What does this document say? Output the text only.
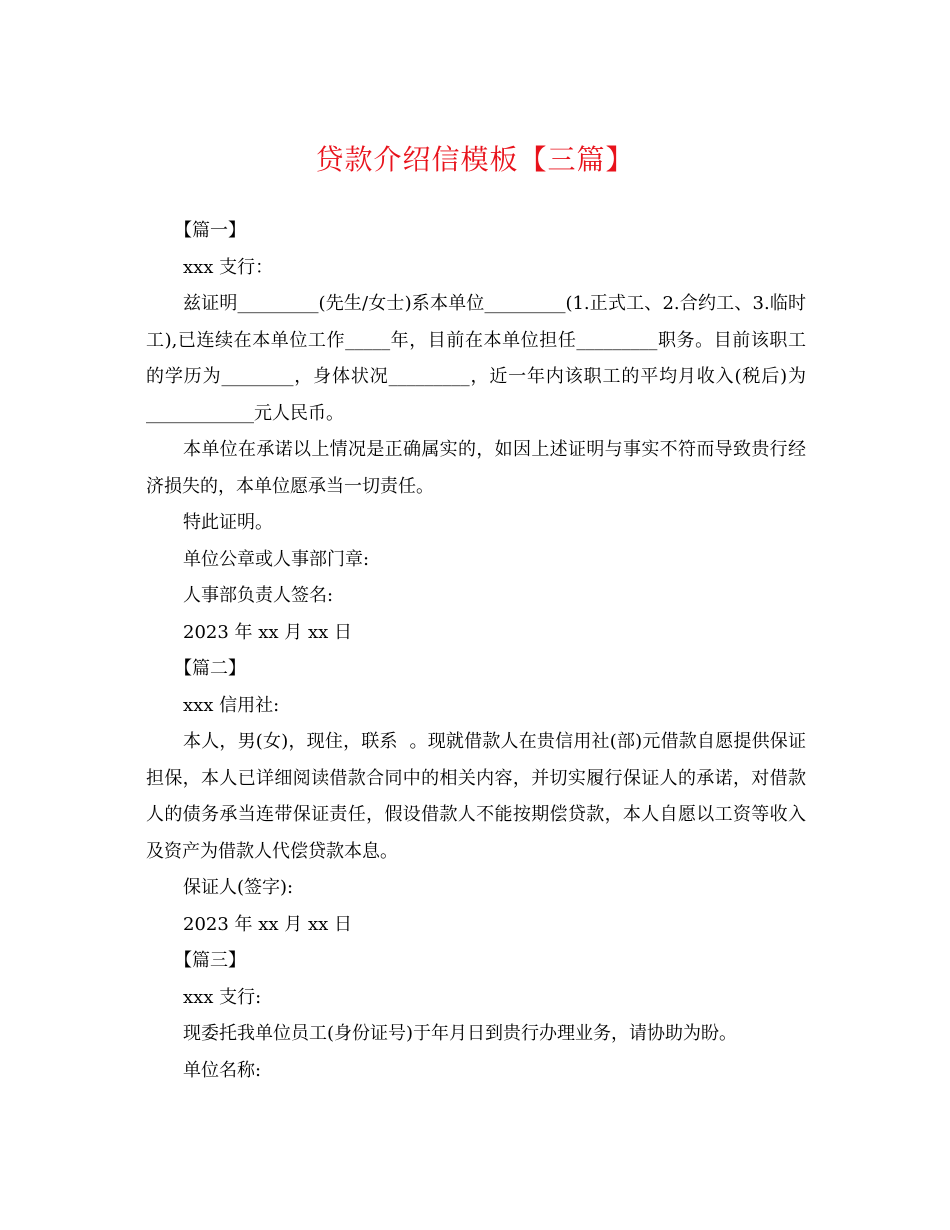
贷款介绍信模板【三篇】

【篇一】

xxx 支行：

兹证明_________(先生/女士)系本单位_________(1.正式工、2.合约工、3.临时工),已连续在本单位工作_____年，目前在本单位担任_________职务。目前该职工的学历为________，身体状况_________，近一年内该职工的平均月收入(税后)为____________元人民币。

本单位在承诺以上情况是正确属实的，如因上述证明与事实不符而导致贵行经济损失的，本单位愿承当一切责任。

特此证明。

单位公章或人事部门章:

人事部负责人签名:

2023 年 xx 月 xx 日

【篇二】

xxx 信用社:

本人，男(女)，现住，联系  。现就借款人在贵信用社(部)元借款自愿提供保证担保，本人已详细阅读借款合同中的相关内容，并切实履行保证人的承诺，对借款人的债务承当连带保证责任，假设借款人不能按期偿贷款，本人自愿以工资等收入及资产为借款人代偿贷款本息。

保证人(签字):

2023 年 xx 月 xx 日

【篇三】

xxx 支行:

现委托我单位员工(身份证号)于年月日到贵行办理业务，请协助为盼。

单位名称:
